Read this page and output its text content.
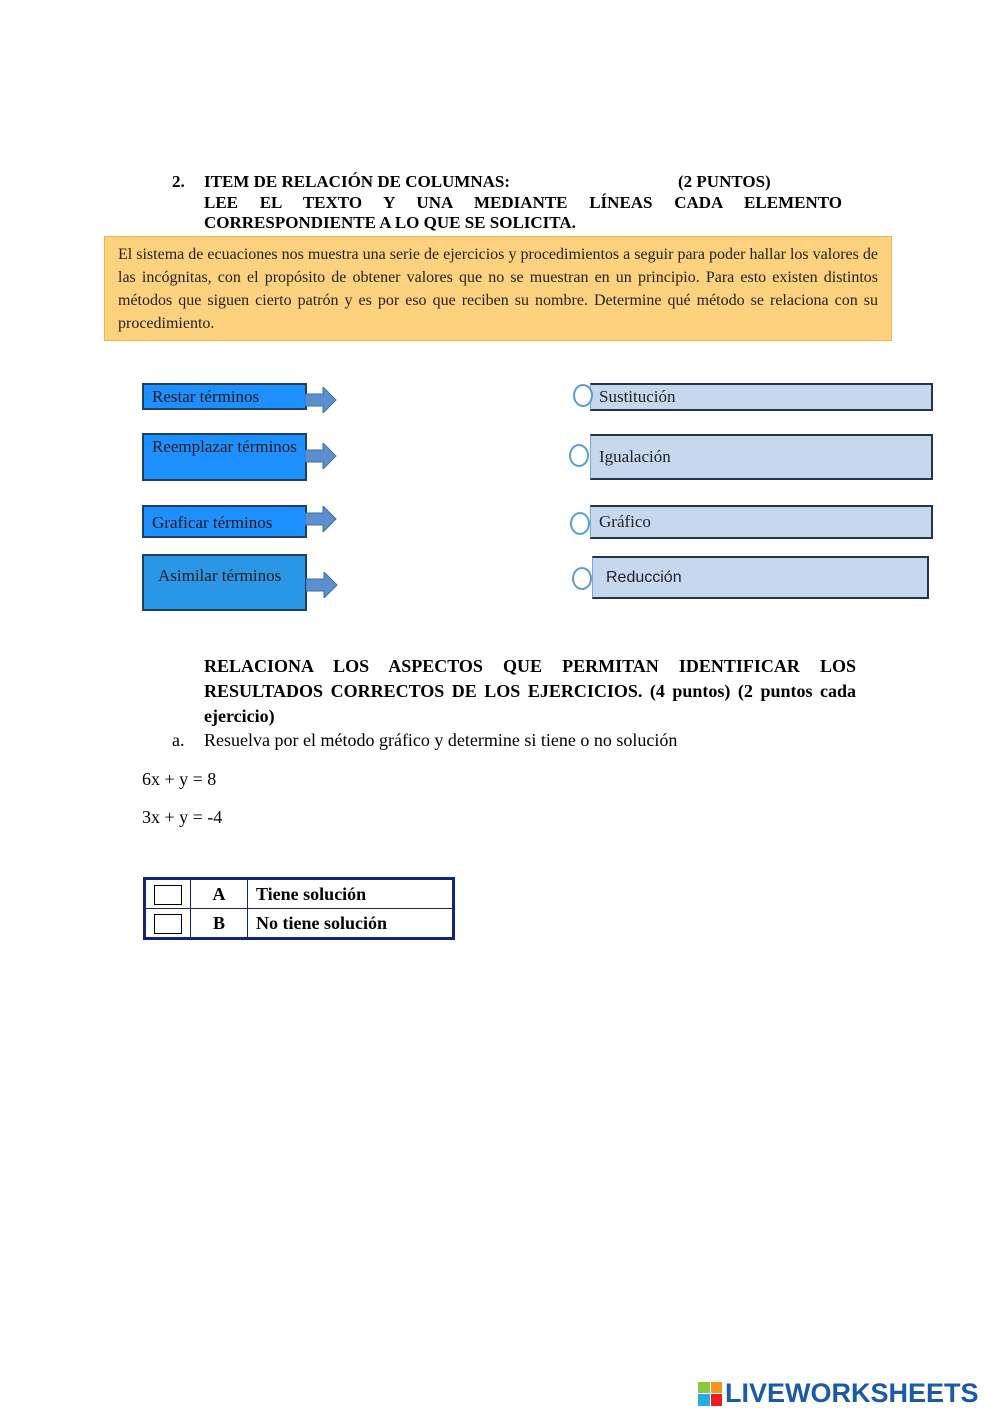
2. ITEM DE RELACIÓN DE COLUMNAS:	(2 PUNTOS)
LEE EL TEXTO Y UNA MEDIANTE LÍNEAS CADA ELEMENTO
CORRESPONDIENTE A LO QUE SE SOLICITA.
El sistema de ecuaciones nos muestra una serie de ejercicios y procedimientos a seguir para poder hallar los valores de las incógnitas, con el propósito de obtener valores que no se muestran en un principio. Para esto existen distintos métodos que siguen cierto patrón y es por eso que reciben su nombre. Determine qué método se relaciona con su procedimiento.
Restar términos
Reemplazar términos
Graficar términos
Asimilar términos
Sustitución
Igualación
Gráfico
Reducción
RELACIONA LOS ASPECTOS QUE PERMITAN IDENTIFICAR LOS RESULTADOS CORRECTOS DE LOS EJERCICIOS. (4 puntos) (2 puntos cada ejercicio)
a. Resuelva por el método gráfico y determine si tiene o no solución
6x + y = 8
3x + y = -4
	A	Tiene solución
	B	No tiene solución
LIVEWORKSHEETS
